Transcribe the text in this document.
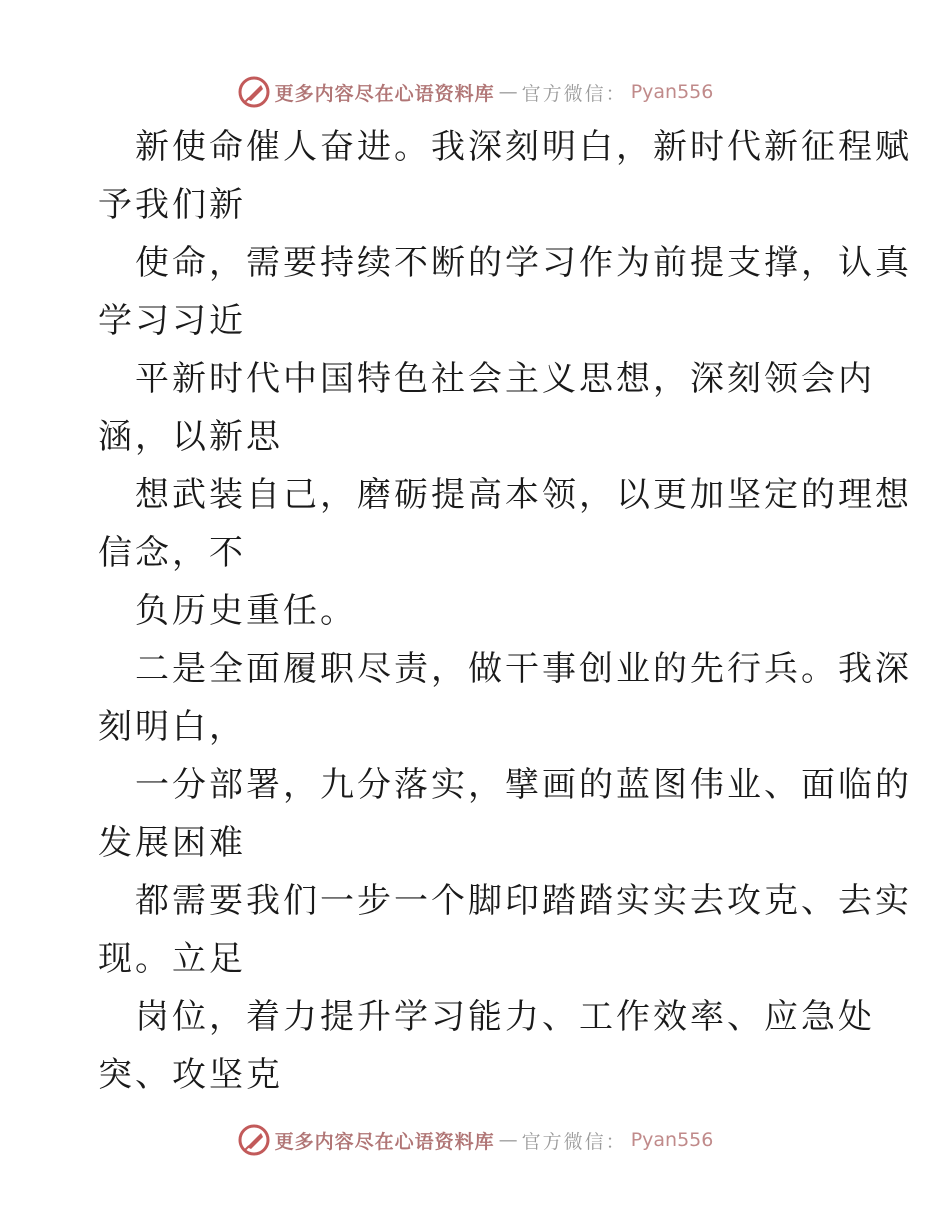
更多内容尽在心语资料库 — 官方微信： Pyan556
新使命催人奋进。我深刻明白，新时代新征程赋
予我们新
使命，需要持续不断的学习作为前提支撑，认真
学习习近
平新时代中国特色社会主义思想，深刻领会内
涵，以新思
想武装自己，磨砺提高本领，以更加坚定的理想
信念，不
负历史重任。
二是全面履职尽责，做干事创业的先行兵。我深
刻明白，
一分部署，九分落实，擘画的蓝图伟业、面临的
发展困难
都需要我们一步一个脚印踏踏实实去攻克、去实
现。立足
岗位，着力提升学习能力、工作效率、应急处
突、攻坚克
更多内容尽在心语资料库 — 官方微信： Pyan556
